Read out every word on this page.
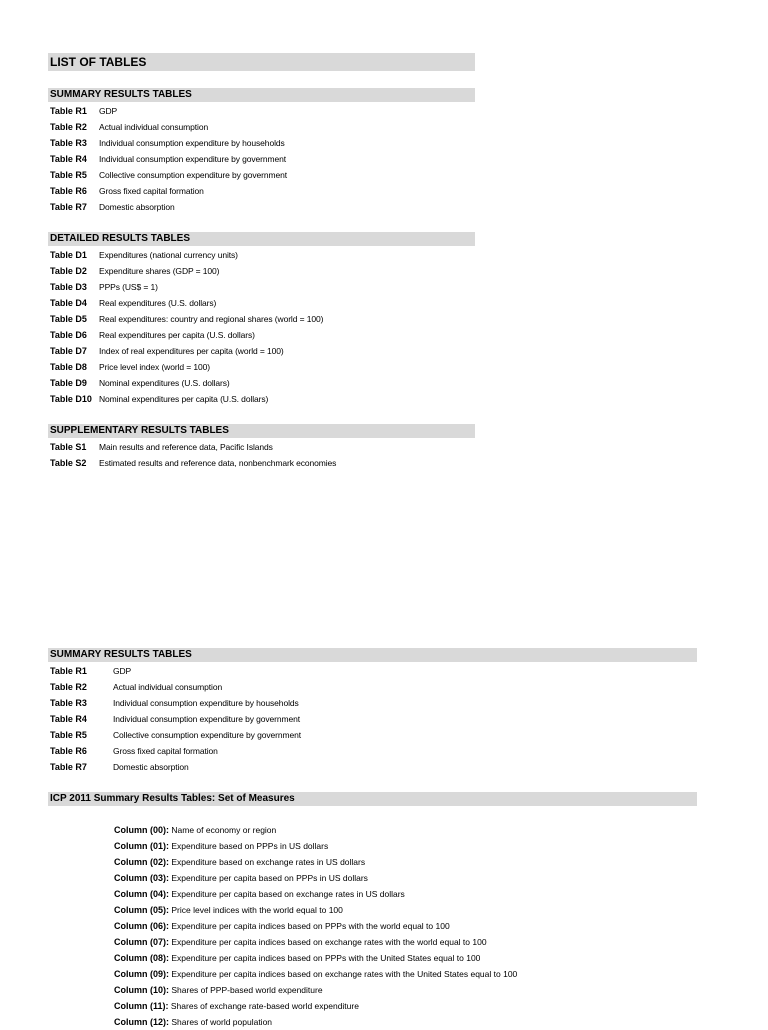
LIST OF TABLES
SUMMARY RESULTS TABLES
Table R1 GDP
Table R2 Actual individual consumption
Table R3 Individual consumption expenditure by households
Table R4 Individual consumption expenditure by government
Table R5 Collective consumption expenditure by government
Table R6 Gross fixed capital formation
Table R7 Domestic absorption
DETAILED RESULTS TABLES
Table D1 Expenditures (national currency units)
Table D2 Expenditure shares (GDP = 100)
Table D3 PPPs (US$ = 1)
Table D4 Real expenditures (U.S. dollars)
Table D5 Real expenditures: country and regional shares (world = 100)
Table D6 Real expenditures per capita (U.S. dollars)
Table D7 Index of real expenditures per capita (world = 100)
Table D8 Price level index (world = 100)
Table D9 Nominal expenditures (U.S. dollars)
Table D10 Nominal expenditures per capita (U.S. dollars)
SUPPLEMENTARY RESULTS TABLES
Table S1 Main results and reference data, Pacific Islands
Table S2 Estimated results and reference data, nonbenchmark economies
SUMMARY RESULTS TABLES
Table R1	GDP
Table R2	Actual individual consumption
Table R3	Individual consumption expenditure by households
Table R4	Individual consumption expenditure by government
Table R5	Collective consumption expenditure by government
Table R6	Gross fixed capital formation
Table R7	Domestic absorption
ICP 2011 Summary Results Tables: Set of Measures
Column (00): Name of economy or region
Column (01): Expenditure based on PPPs in US dollars
Column (02): Expenditure based on exchange rates in US dollars
Column (03): Expenditure per capita based on PPPs in US dollars
Column (04): Expenditure per capita based on exchange rates in US dollars
Column (05): Price level indices with the world equal to 100
Column (06): Expenditure per capita indices based on PPPs with the world equal to 100
Column (07): Expenditure per capita indices based on exchange rates with the world equal to 100
Column (08): Expenditure per capita indices based on PPPs with the United States equal to 100
Column (09): Expenditure per capita indices based on exchange rates with the United States equal to 100
Column (10): Shares of PPP-based world expenditure
Column (11): Shares of exchange rate-based world expenditure
Column (12): Shares of world population
